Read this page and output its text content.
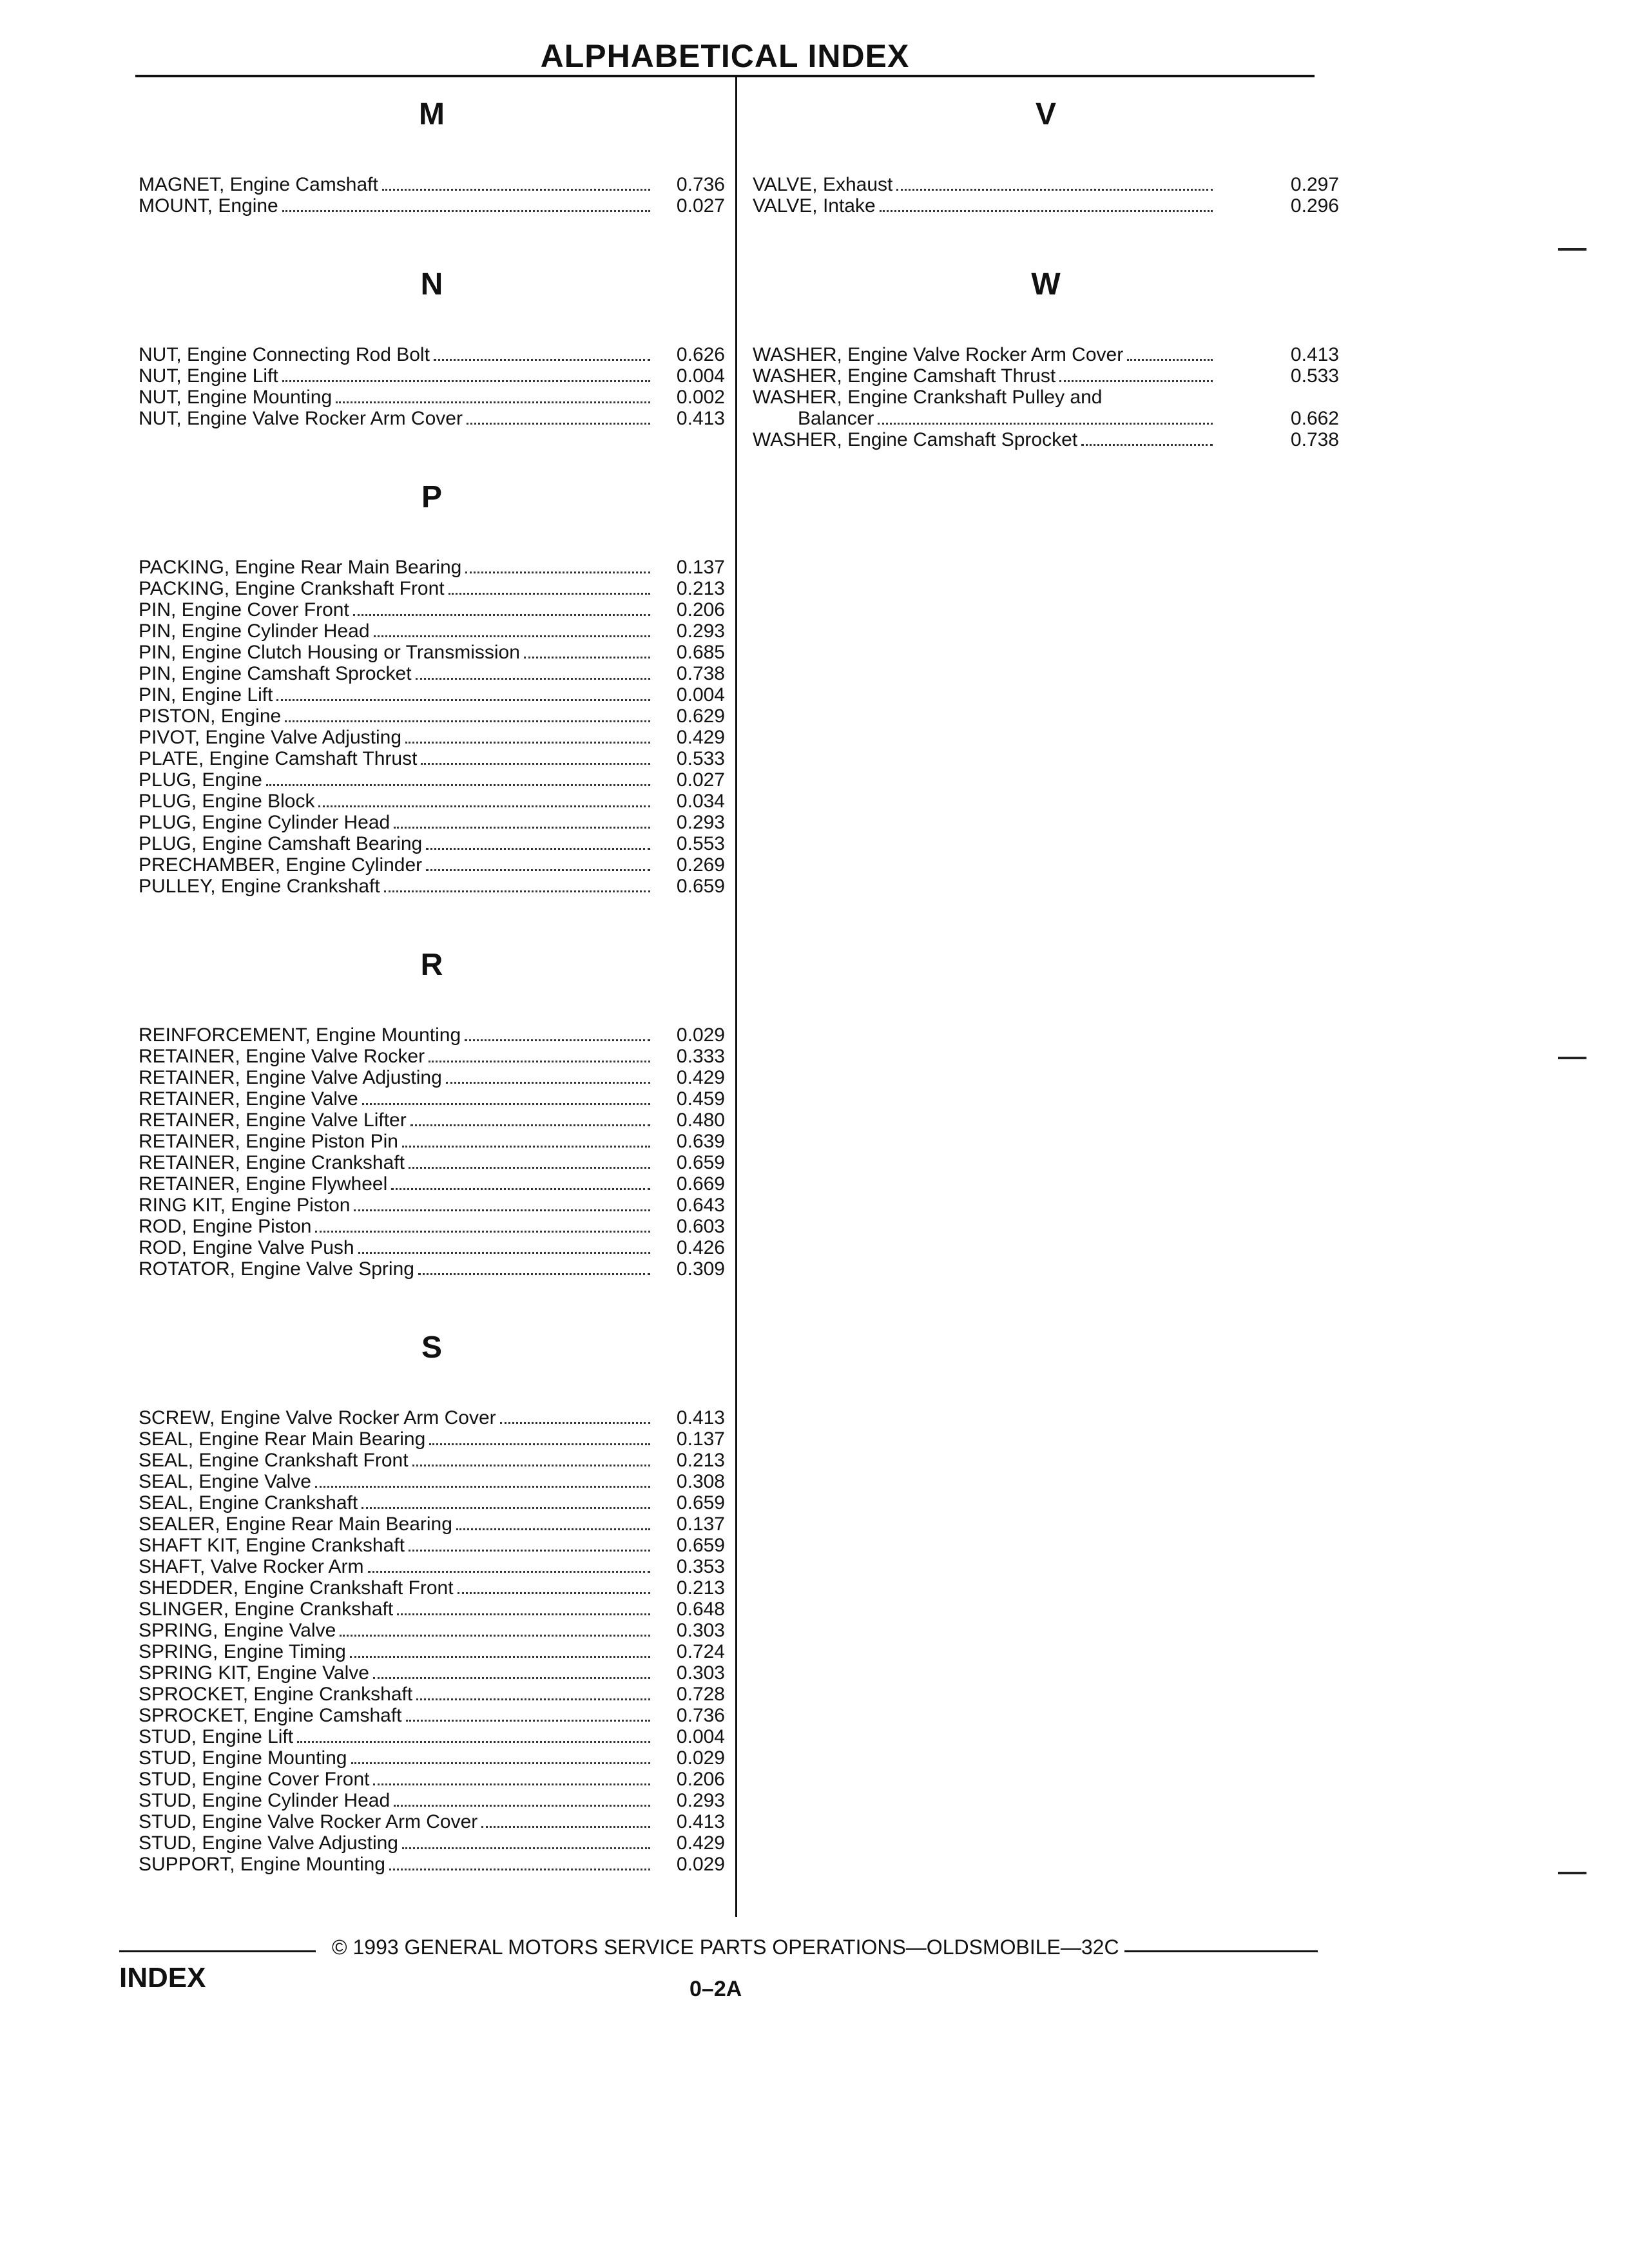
ALPHABETICAL INDEX
M
MAGNET, Engine Camshaft	0.736
MOUNT, Engine	0.027
N
NUT, Engine Connecting Rod Bolt	0.626
NUT, Engine Lift	0.004
NUT, Engine Mounting	0.002
NUT, Engine Valve Rocker Arm Cover	0.413
P
PACKING, Engine Rear Main Bearing	0.137
PACKING, Engine Crankshaft Front	0.213
PIN, Engine Cover Front	0.206
PIN, Engine Cylinder Head	0.293
PIN, Engine Clutch Housing or Transmission	0.685
PIN, Engine Camshaft Sprocket	0.738
PIN, Engine Lift	0.004
PISTON, Engine	0.629
PIVOT, Engine Valve Adjusting	0.429
PLATE, Engine Camshaft Thrust	0.533
PLUG, Engine	0.027
PLUG, Engine Block	0.034
PLUG, Engine Cylinder Head	0.293
PLUG, Engine Camshaft Bearing	0.553
PRECHAMBER, Engine Cylinder	0.269
PULLEY, Engine Crankshaft	0.659
R
REINFORCEMENT, Engine Mounting	0.029
RETAINER, Engine Valve Rocker	0.333
RETAINER, Engine Valve Adjusting	0.429
RETAINER, Engine Valve	0.459
RETAINER, Engine Valve Lifter	0.480
RETAINER, Engine Piston Pin	0.639
RETAINER, Engine Crankshaft	0.659
RETAINER, Engine Flywheel	0.669
RING KIT, Engine Piston	0.643
ROD, Engine Piston	0.603
ROD, Engine Valve Push	0.426
ROTATOR, Engine Valve Spring	0.309
S
SCREW, Engine Valve Rocker Arm Cover	0.413
SEAL, Engine Rear Main Bearing	0.137
SEAL, Engine Crankshaft Front	0.213
SEAL, Engine Valve	0.308
SEAL, Engine Crankshaft	0.659
SEALER, Engine Rear Main Bearing	0.137
SHAFT KIT, Engine Crankshaft	0.659
SHAFT, Valve Rocker Arm	0.353
SHEDDER, Engine Crankshaft Front	0.213
SLINGER, Engine Crankshaft	0.648
SPRING, Engine Valve	0.303
SPRING, Engine Timing	0.724
SPRING KIT, Engine Valve	0.303
SPROCKET, Engine Crankshaft	0.728
SPROCKET, Engine Camshaft	0.736
STUD, Engine Lift	0.004
STUD, Engine Mounting	0.029
STUD, Engine Cover Front	0.206
STUD, Engine Cylinder Head	0.293
STUD, Engine Valve Rocker Arm Cover	0.413
STUD, Engine Valve Adjusting	0.429
SUPPORT, Engine Mounting	0.029
V
VALVE, Exhaust	0.297
VALVE, Intake	0.296
W
WASHER, Engine Valve Rocker Arm Cover	0.413
WASHER, Engine Camshaft Thrust	0.533
WASHER, Engine Crankshaft Pulley and
Balancer	0.662
WASHER, Engine Camshaft Sprocket	0.738
© 1993 GENERAL MOTORS SERVICE PARTS OPERATIONS—OLDSMOBILE—32C
INDEX	0–2A
